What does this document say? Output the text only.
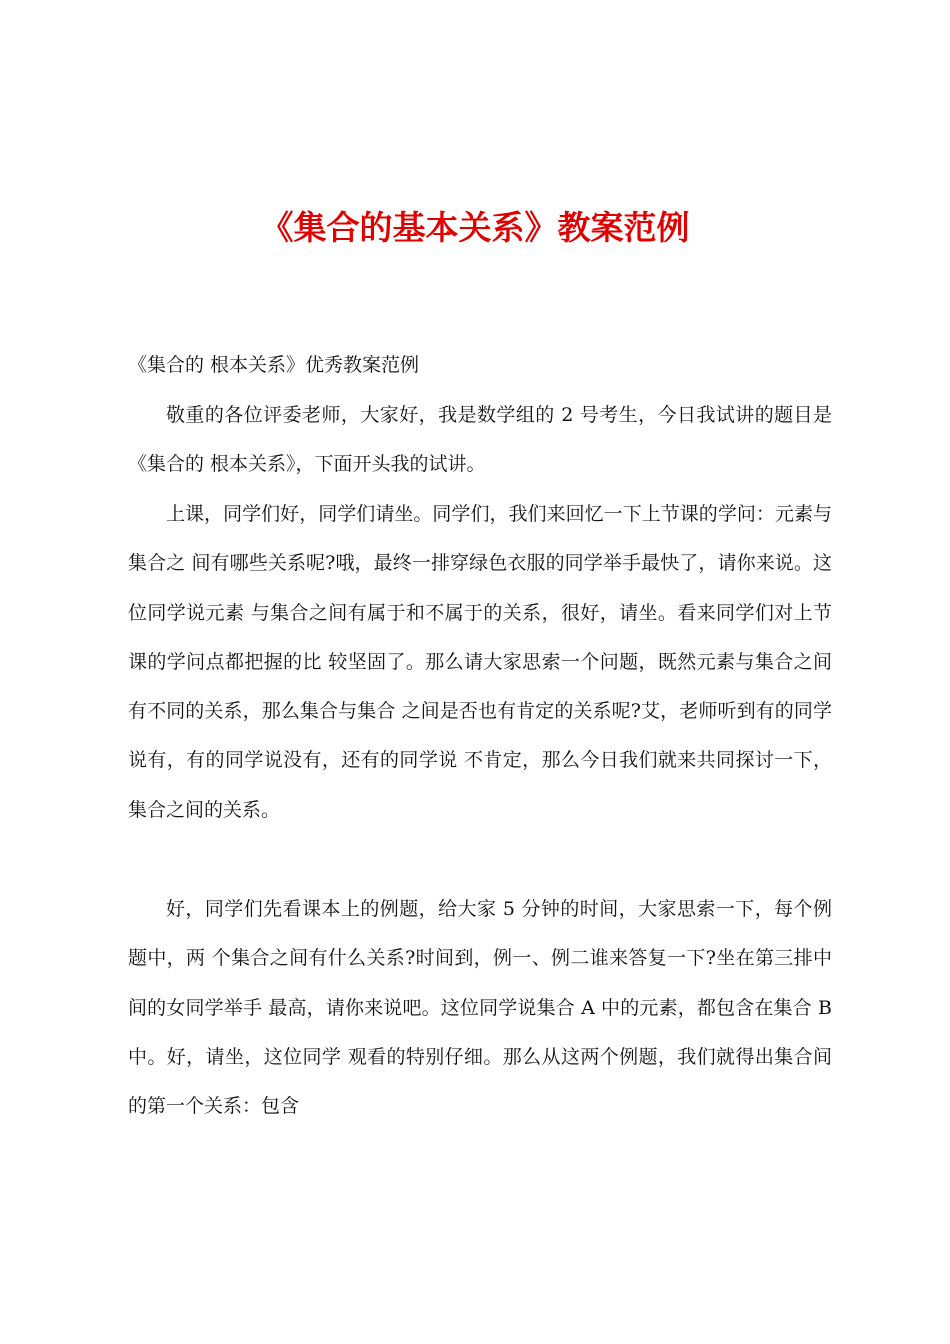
《集合的基本关系》教案范例
《集合的 根本关系》优秀教案范例

敬重的各位评委老师，大家好，我是数学组的 2 号考生，今日我试讲的题目是《集合的 根本关系》，下面开头我的试讲。

上课，同学们好，同学们请坐。同学们，我们来回忆一下上节课的学问：元素与集合之 间有哪些关系呢?哦，最终一排穿绿色衣服的同学举手最快了，请你来说。这位同学说元素 与集合之间有属于和不属于的关系，很好，请坐。看来同学们对上节课的学问点都把握的比 较坚固了。那么请大家思索一个问题，既然元素与集合之间有不同的关系，那么集合与集合 之间是否也有肯定的关系呢?艾，老师听到有的同学说有，有的同学说没有，还有的同学说 不肯定，那么今日我们就来共同探讨一下，集合之间的关系。

好，同学们先看课本上的例题，给大家 5 分钟的时间，大家思索一下，每个例题中，两 个集合之间有什么关系?时间到，例一、例二谁来答复一下?坐在第三排中间的女同学举手 最高，请你来说吧。这位同学说集合 A 中的元素，都包含在集合 B 中。好，请坐，这位同学 观看的特别仔细。那么从这两个例题，我们就得出集合间的第一个关系：包含
